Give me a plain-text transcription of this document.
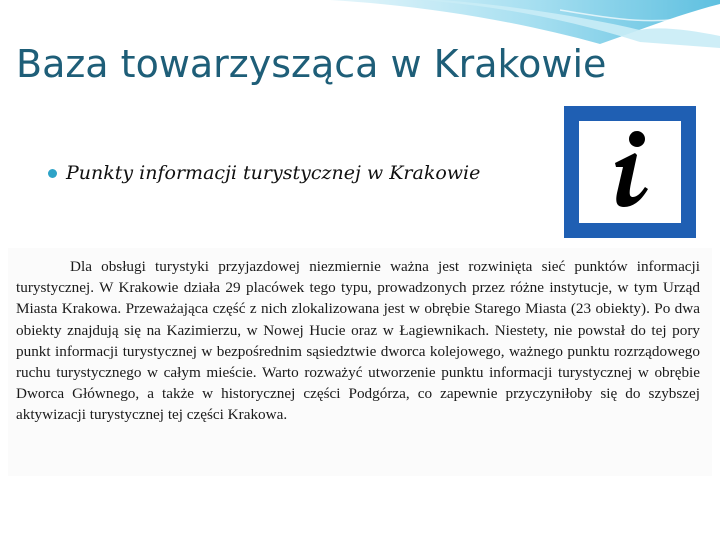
Baza towarzysząca w Krakowie
Punkty informacji turystycznej w Krakowie

Dla obsługi turystyki przyjazdowej niezmiernie ważna jest rozwinięta sieć punktów informacji turystycznej. W Krakowie działa 29 placówek tego typu, prowadzonych przez różne instytucje, w tym Urząd Miasta Krakowa. Przeważająca część z nich zlokalizowana jest w obrębie Starego Miasta (23 obiekty). Po dwa obiekty znajdują się na Kazimierzu, w Nowej Hucie oraz w Łagiewnikach. Niestety, nie powstał do tej pory punkt informacji turystycznej w bezpośrednim sąsiedztwie dworca kolejowego, ważnego punktu rozrządowego ruchu turystycznego w całym mieście. Warto rozważyć utworzenie punktu informacji turystycznej w obrębie Dworca Głównego, a także w historycznej części Podgórza, co zapewnie przyczyniłoby się do szybszej aktywizacji turystycznej tej części Krakowa.
